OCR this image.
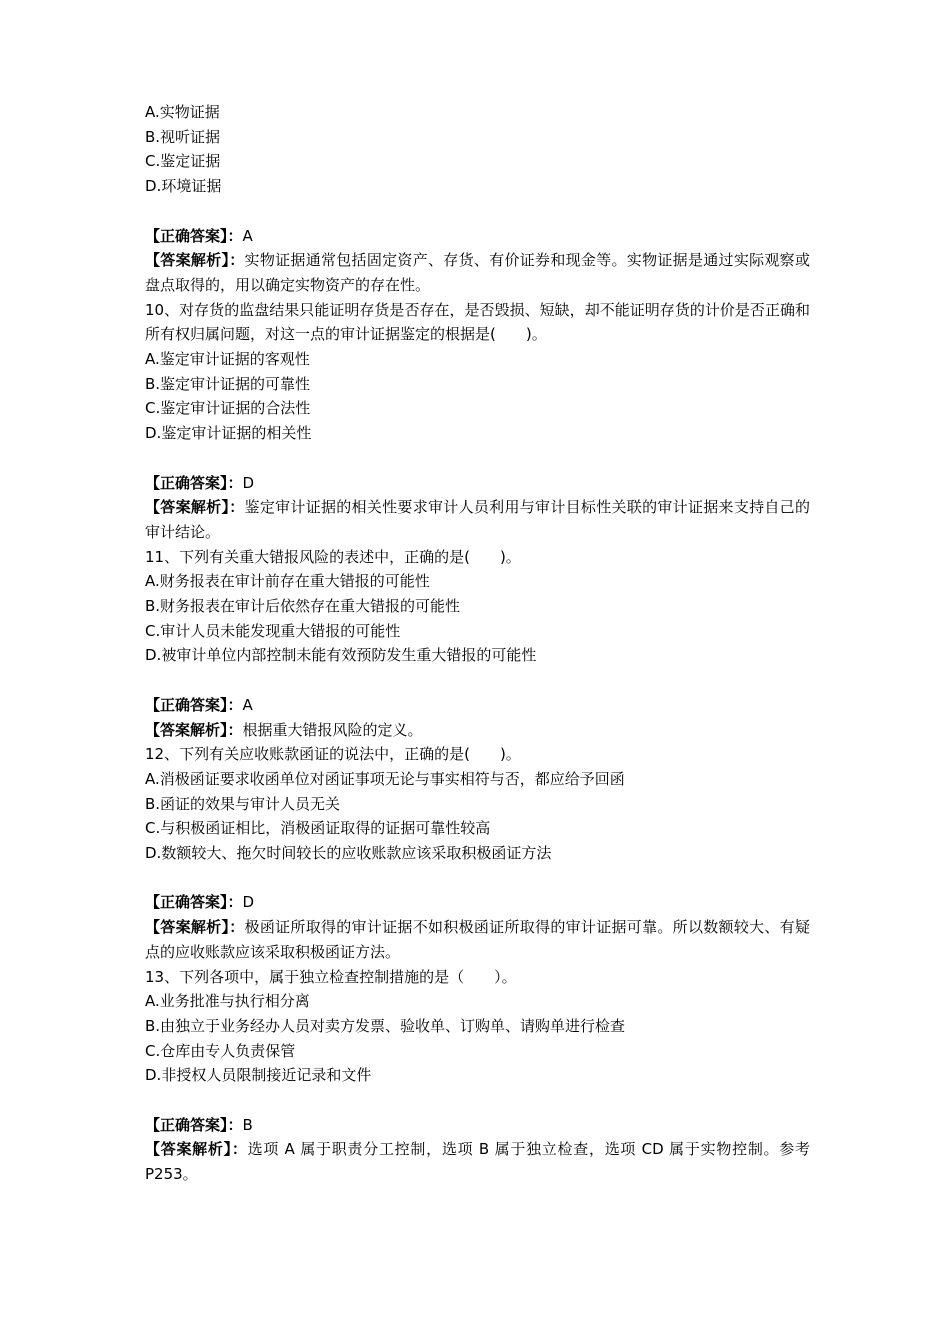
A.实物证据
B.视听证据
C.鉴定证据
D.环境证据
【正确答案】：A
【答案解析】：实物证据通常包括固定资产、存货、有价证券和现金等。实物证据是通过实际观察或盘点取得的，用以确定实物资产的存在性。
10、对存货的监盘结果只能证明存货是否存在，是否毁损、短缺，却不能证明存货的计价是否正确和所有权归属问题，对这一点的审计证据鉴定的根据是(　　)。
A.鉴定审计证据的客观性
B.鉴定审计证据的可靠性
C.鉴定审计证据的合法性
D.鉴定审计证据的相关性
【正确答案】：D
【答案解析】：鉴定审计证据的相关性要求审计人员利用与审计目标性关联的审计证据来支持自己的审计结论。
11、下列有关重大错报风险的表述中，正确的是(　　)。
A.财务报表在审计前存在重大错报的可能性
B.财务报表在审计后依然存在重大错报的可能性
C.审计人员未能发现重大错报的可能性
D.被审计单位内部控制未能有效预防发生重大错报的可能性
【正确答案】：A
【答案解析】：根据重大错报风险的定义。
12、下列有关应收账款函证的说法中，正确的是(　　)。
A.消极函证要求收函单位对函证事项无论与事实相符与否，都应给予回函
B.函证的效果与审计人员无关
C.与积极函证相比，消极函证取得的证据可靠性较高
D.数额较大、拖欠时间较长的应收账款应该采取积极函证方法
【正确答案】：D
【答案解析】：极函证所取得的审计证据不如积极函证所取得的审计证据可靠。所以数额较大、有疑点的应收账款应该采取积极函证方法。
13、下列各项中，属于独立检查控制措施的是（　　）。
A.业务批准与执行相分离
B.由独立于业务经办人员对卖方发票、验收单、订购单、请购单进行检查
C.仓库由专人负责保管
D.非授权人员限制接近记录和文件
【正确答案】：B
【答案解析】：选项 A 属于职责分工控制，选项 B 属于独立检查，选项 CD 属于实物控制。参考 P253。
